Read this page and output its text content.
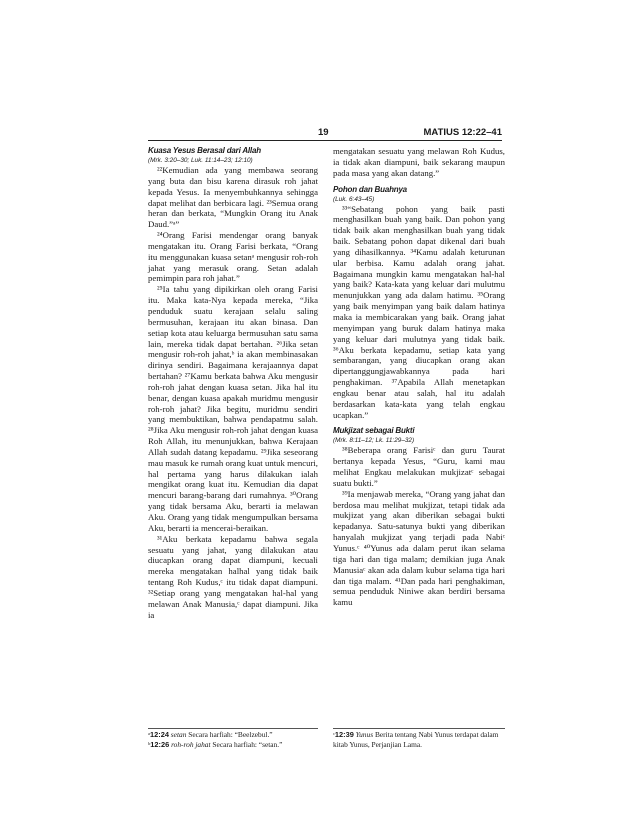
19	MATIUS 12:22–41

Kuasa Yesus Berasal dari Allah

(Mrk. 3:20–30; Luk. 11:14–23; 12:10)

²²Kemudian ada yang membawa seorang yang buta dan bisu karena dirasuk roh jahat kepada Yesus. Ia menyembuhkannya sehingga dapat melihat dan berbicara lagi. ²³Semua orang heran dan berkata, “Mungkin Orang itu Anak Daud.”ᵃ”

²⁴Orang Farisi mendengar orang banyak mengatakan itu. Orang Farisi berkata, “Orang itu menggunakan kuasa setanᵃ mengusir roh-roh jahat yang merasuk orang. Setan adalah pemimpin para roh jahat.”

²⁵Ia tahu yang dipikirkan oleh orang Farisi itu. Maka kata-Nya kepada mereka, “Jika penduduk suatu kerajaan selalu saling bermusuhan, kerajaan itu akan binasa. Dan setiap kota atau keluarga bermusuhan satu sama lain, mereka tidak dapat bertahan. ²⁶Jika setan mengusir roh-roh jahat,ᵇ ia akan membinasakan dirinya sendiri. Bagaimana kerajaannya dapat bertahan? ²⁷Kamu berkata bahwa Aku mengusir roh-roh jahat dengan kuasa setan. Jika hal itu benar, dengan kuasa apakah muridmu mengusir roh-roh jahat? Jika begitu, muridmu sendiri yang membuktikan, bahwa pendapatmu salah. ²⁸Jika Aku mengusir roh-roh jahat dengan kuasa Roh Allah, itu menunjukkan, bahwa Kerajaan Allah sudah datang kepadamu. ²⁹Jika seseorang mau masuk ke rumah orang kuat untuk mencuri, hal pertama yang harus dilakukan ialah mengikat orang kuat itu. Kemudian dia dapat mencuri barang-barang dari rumahnya. ³⁰Orang yang tidak bersama Aku, berarti ia melawan Aku. Orang yang tidak mengumpulkan bersama Aku, berarti ia mencerai-beraikan.

³¹Aku berkata kepadamu bahwa segala sesuatu yang jahat, yang dilakukan atau diucapkan orang dapat diampuni, kecuali mereka mengatakan halhal yang tidak baik tentang Roh Kudus,ᶜ itu tidak dapat diampuni. ³²Setiap orang yang mengatakan hal-hal yang melawan Anak Manusia,ᶜ dapat diampuni. Jika ia

mengatakan sesuatu yang melawan Roh Kudus, ia tidak akan diampuni, baik sekarang maupun pada masa yang akan datang.”

Pohon dan Buahnya

(Luk. 6:43–45)

³³“Sebatang pohon yang baik pasti menghasilkan buah yang baik. Dan pohon yang tidak baik akan menghasilkan buah yang tidak baik. Sebatang pohon dapat dikenal dari buah yang dihasilkannya. ³⁴Kamu adalah keturunan ular berbisa. Kamu adalah orang jahat. Bagaimana mungkin kamu mengatakan hal-hal yang baik? Kata-kata yang keluar dari mulutmu menunjukkan yang ada dalam hatimu. ³⁵Orang yang baik menyimpan yang baik dalam hatinya maka ia membicarakan yang baik. Orang jahat menyimpan yang buruk dalam hatinya maka yang keluar dari mulutnya yang tidak baik. ³⁶Aku berkata kepadamu, setiap kata yang sembarangan, yang diucapkan orang akan dipertanggungjawabkannya pada hari penghakiman. ³⁷Apabila Allah menetapkan engkau benar atau salah, hal itu adalah berdasarkan kata-kata yang telah engkau ucapkan.”

Mukjizat sebagai Bukti

(Mrk. 8:11–12; Lk. 11:29–32)

³⁸Beberapa orang Farisiᶜ dan guru Taurat bertanya kepada Yesus, “Guru, kami mau melihat Engkau melakukan mukjizatᶜ sebagai suatu bukti.”

³⁹Ia menjawab mereka, “Orang yang jahat dan berdosa mau melihat mukjizat, tetapi tidak ada mukjizat yang akan diberikan sebagai bukti kepadanya. Satu-satunya bukti yang diberikan hanyalah mukjizat yang terjadi pada Nabiᶜ Yunus.ᶜ ⁴⁰Yunus ada dalam perut ikan selama tiga hari dan tiga malam; demikian juga Anak Manusiaᶜ akan ada dalam kubur selama tiga hari dan tiga malam. ⁴¹Dan pada hari penghakiman, semua penduduk Niniwe akan berdiri bersama kamu

ᵃ12:24 setan Secara harfiah: “Beelzebul.”

ᵇ12:26 roh-roh jahat Secara harfiah: “setan.”

ᶜ12:39 Yunus Berita tentang Nabi Yunus terdapat dalam kitab Yunus, Perjanjian Lama.
